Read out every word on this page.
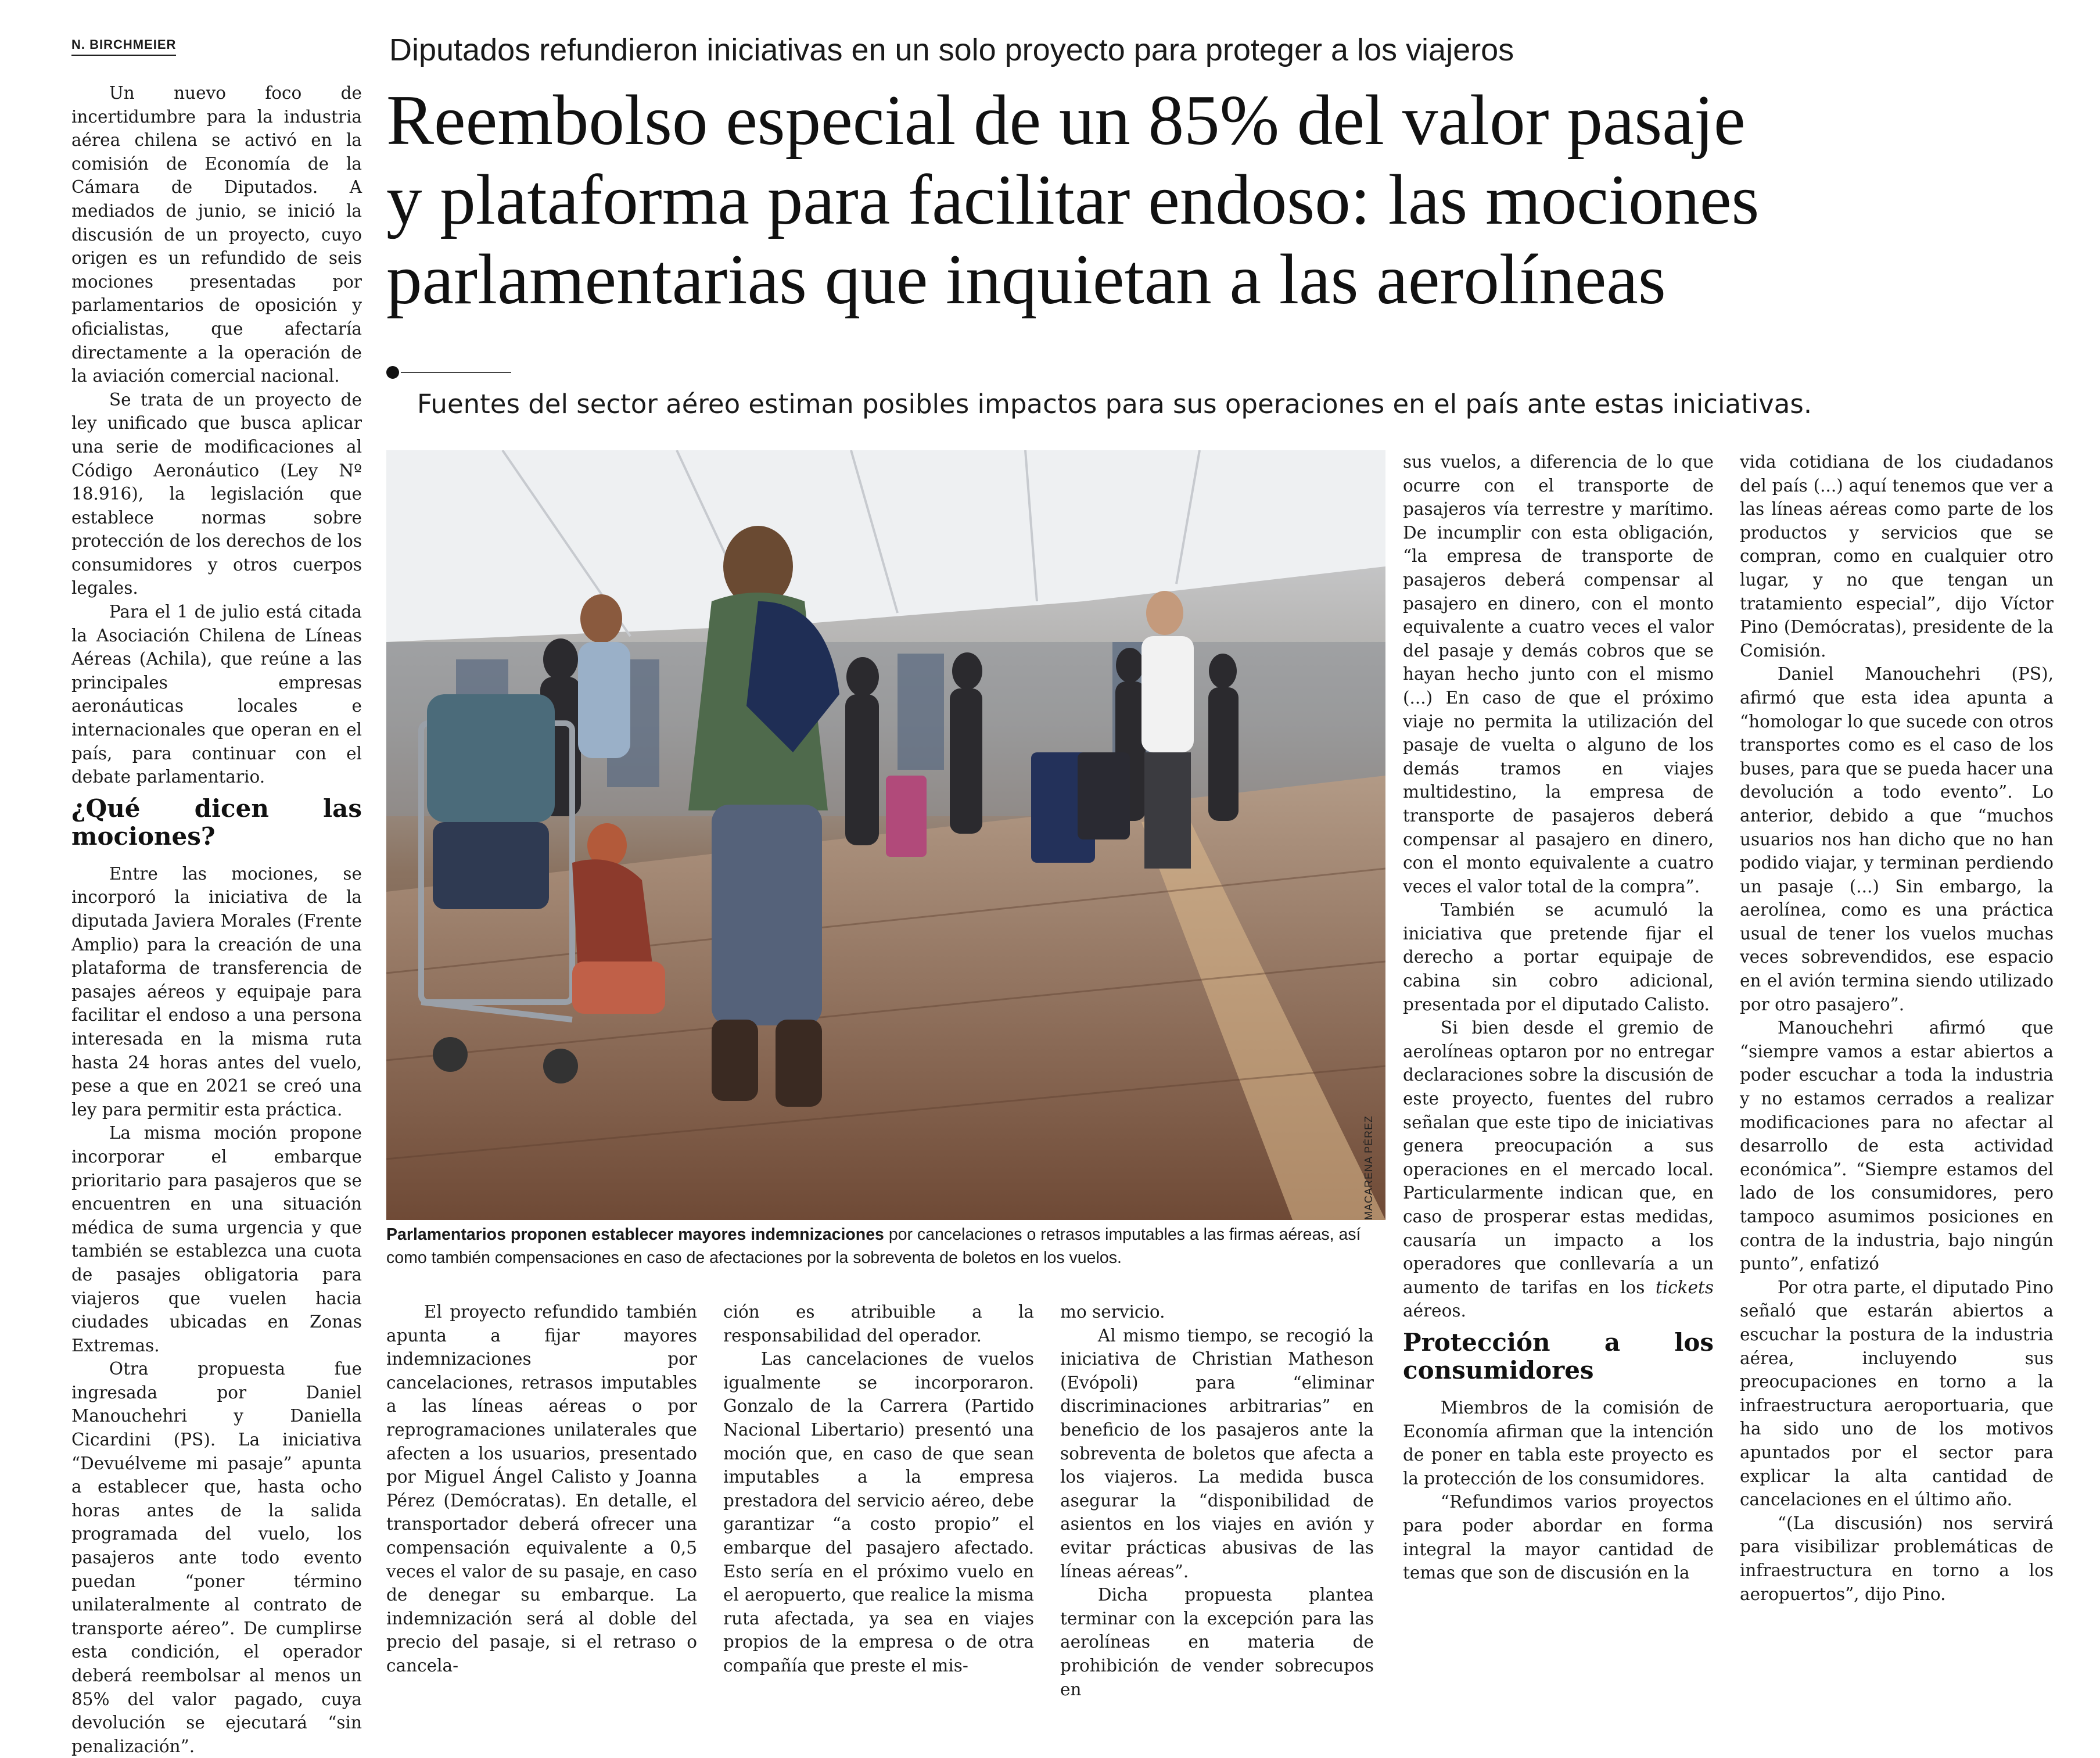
N. BIRCHMEIER	Diputados refundieron iniciativas en un solo proyecto para proteger a los viajeros
Reembolso especial de un 85% del valor pasaje
y plataforma para facilitar endoso: las mociones
parlamentarias que inquietan a las aerolíneas
Fuentes del sector aéreo estiman posibles impactos para sus operaciones en el país ante estas iniciativas.

Un nuevo foco de incertidumbre para la industria aérea chilena se activó en la comisión de Economía de la Cámara de Diputados. A mediados de junio, se inició la discusión de un proyecto, cuyo origen es un refundido de seis mociones presentadas por parlamentarios de oposición y oficialistas, que afectaría directamente a la operación de la aviación comercial nacional.

Se trata de un proyecto de ley unificado que busca aplicar una serie de modificaciones al Código Aeronáutico (Ley Nº 18.916), la legislación que establece normas sobre protección de los derechos de los consumidores y otros cuerpos legales.

Para el 1 de julio está citada la Asociación Chilena de Líneas Aéreas (Achila), que reúne a las principales empresas aeronáuticas locales e internacionales que operan en el país, para continuar con el debate parlamentario.

¿Qué dicen las mociones?

Entre las mociones, se incorporó la iniciativa de la diputada Javiera Morales (Frente Amplio) para la creación de una plataforma de transferencia de pasajes aéreos y equipaje para facilitar el endoso a una persona interesada en la misma ruta hasta 24 horas antes del vuelo, pese a que en 2021 se creó una ley para permitir esta práctica.

La misma moción propone incorporar el embarque prioritario para pasajeros que se encuentren en una situación médica de suma urgencia y que también se establezca una cuota de pasajes obligatoria para viajeros que vuelen hacia ciudades ubicadas en Zonas Extremas.

Otra propuesta fue ingresada por Daniel Manouchehri y Daniella Cicardini (PS). La iniciativa “Devuélveme mi pasaje” apunta a establecer que, hasta ocho horas antes de la salida programada del vuelo, los pasajeros ante todo evento puedan “poner término unilateralmente al contrato de transporte aéreo”. De cumplirse esta condición, el operador deberá reembolsar al menos un 85% del valor pagado, cuya devolución se ejecutará “sin penalización”.

MACARENA PÉREZ
Parlamentarios proponen establecer mayores indemnizaciones por cancelaciones o retrasos imputables a las firmas aéreas, así como también compensaciones en caso de afectaciones por la sobreventa de boletos en los vuelos.

El proyecto refundido también apunta a fijar mayores indemnizaciones por cancelaciones, retrasos imputables a las líneas aéreas o por reprogramaciones unilaterales que afecten a los usuarios, presentado por Miguel Ángel Calisto y Joanna Pérez (Demócratas). En detalle, el transportador deberá ofrecer una compensación equivalente a 0,5 veces el valor de su pasaje, en caso de denegar su embarque. La indemnización será al doble del precio del pasaje, si el retraso o cancela-

ción es atribuible a la responsabilidad del operador.

Las cancelaciones de vuelos igualmente se incorporaron. Gonzalo de la Carrera (Partido Nacional Libertario) presentó una moción que, en caso de que sean imputables a la empresa prestadora del servicio aéreo, debe garantizar “a costo propio” el embarque del pasajero afectado. Esto sería en el próximo vuelo en el aeropuerto, que realice la misma ruta afectada, ya sea en viajes propios de la empresa o de otra compañía que preste el mis-

mo servicio.

Al mismo tiempo, se recogió la iniciativa de Christian Matheson (Evópoli) para “eliminar discriminaciones arbitrarias” en beneficio de los pasajeros ante la sobreventa de boletos que afecta a los viajeros. La medida busca asegurar la “disponibilidad de asientos en los viajes en avión y evitar prácticas abusivas de las líneas aéreas”.

Dicha propuesta plantea terminar con la excepción para las aerolíneas en materia de prohibición de vender sobrecupos en

sus vuelos, a diferencia de lo que ocurre con el transporte de pasajeros vía terrestre y marítimo. De incumplir con esta obligación, “la empresa de transporte de pasajeros deberá compensar al pasajero en dinero, con el monto equivalente a cuatro veces el valor del pasaje y demás cobros que se hayan hecho junto con el mismo (...) En caso de que el próximo viaje no permita la utilización del pasaje de vuelta o alguno de los demás tramos en viajes multidestino, la empresa de transporte de pasajeros deberá compensar al pasajero en dinero, con el monto equivalente a cuatro veces el valor total de la compra”.

También se acumuló la iniciativa que pretende fijar el derecho a portar equipaje de cabina sin cobro adicional, presentada por el diputado Calisto.

Si bien desde el gremio de aerolíneas optaron por no entregar declaraciones sobre la discusión de este proyecto, fuentes del rubro señalan que este tipo de iniciativas genera preocupación a sus operaciones en el mercado local. Particularmente indican que, en caso de prosperar estas medidas, causaría un impacto a los operadores que conllevaría a un aumento de tarifas en los tickets aéreos.

Protección a los consumidores

Miembros de la comisión de Economía afirman que la intención de poner en tabla este proyecto es la protección de los consumidores.

“Refundimos varios proyectos para poder abordar en forma integral la mayor cantidad de temas que son de discusión en la

vida cotidiana de los ciudadanos del país (...) aquí tenemos que ver a las líneas aéreas como parte de los productos y servicios que se compran, como en cualquier otro lugar, y no que tengan un tratamiento especial”, dijo Víctor Pino (Demócratas), presidente de la Comisión.

Daniel Manouchehri (PS), afirmó que esta idea apunta a “homologar lo que sucede con otros transportes como es el caso de los buses, para que se pueda hacer una devolución a todo evento”. Lo anterior, debido a que “muchos usuarios nos han dicho que no han podido viajar, y terminan perdiendo un pasaje (...) Sin embargo, la aerolínea, como es una práctica usual de tener los vuelos muchas veces sobrevendidos, ese espacio en el avión termina siendo utilizado por otro pasajero”.

Manouchehri afirmó que “siempre vamos a estar abiertos a poder escuchar a toda la industria y no estamos cerrados a realizar modificaciones para no afectar al desarrollo de esta actividad económica”. “Siempre estamos del lado de los consumidores, pero tampoco asumimos posiciones en contra de la industria, bajo ningún punto”, enfatizó

Por otra parte, el diputado Pino señaló que estarán abiertos a escuchar la postura de la industria aérea, incluyendo sus preocupaciones en torno a la infraestructura aeroportuaria, que ha sido uno de los motivos apuntados por el sector para explicar la alta cantidad de cancelaciones en el último año.

“(La discusión) nos servirá para visibilizar problemáticas de infraestructura en torno a los aeropuertos”, dijo Pino.
